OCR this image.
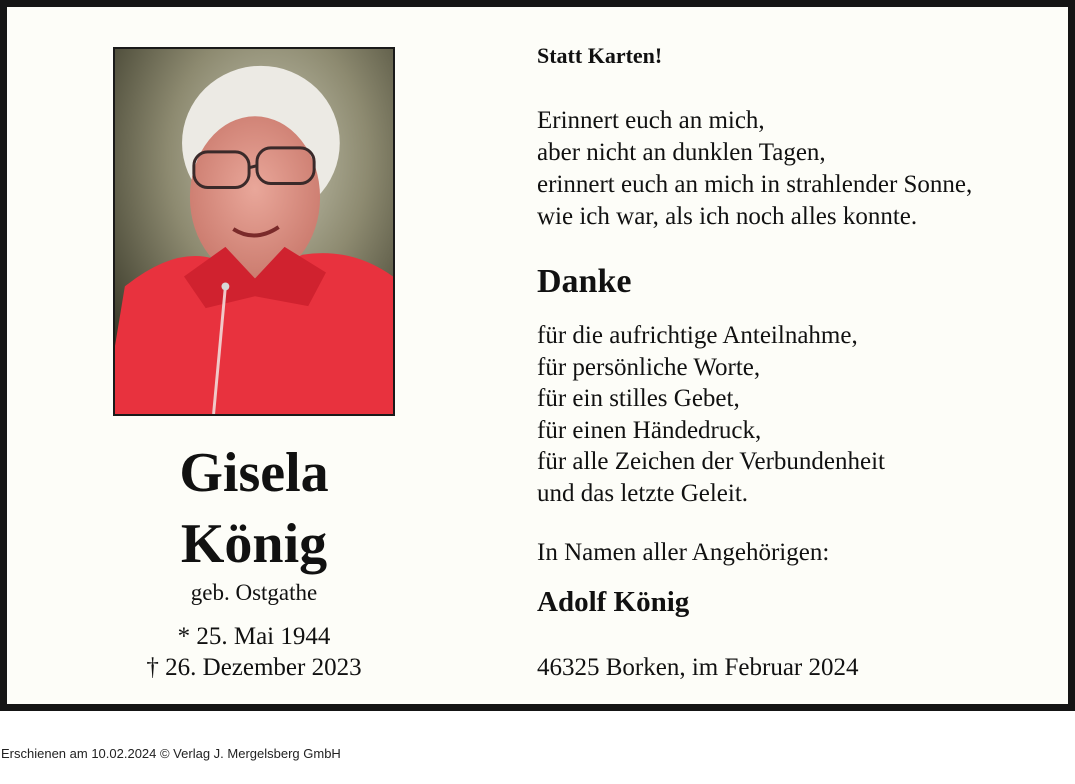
Gisela
König
geb. Ostgathe
* 25. Mai 1944
† 26. Dezember 2023
Statt Karten!
Erinnert euch an mich,
aber nicht an dunklen Tagen,
erinnert euch an mich in strahlender Sonne,
wie ich war, als ich noch alles konnte.
Danke
für die aufrichtige Anteilnahme,
für persönliche Worte,
für ein stilles Gebet,
für einen Händedruck,
für alle Zeichen der Verbundenheit
und das letzte Geleit.
In Namen aller Angehörigen:
Adolf König
46325 Borken, im Februar 2024
Erschienen am 10.02.2024 © Verlag J. Mergelsberg GmbH
